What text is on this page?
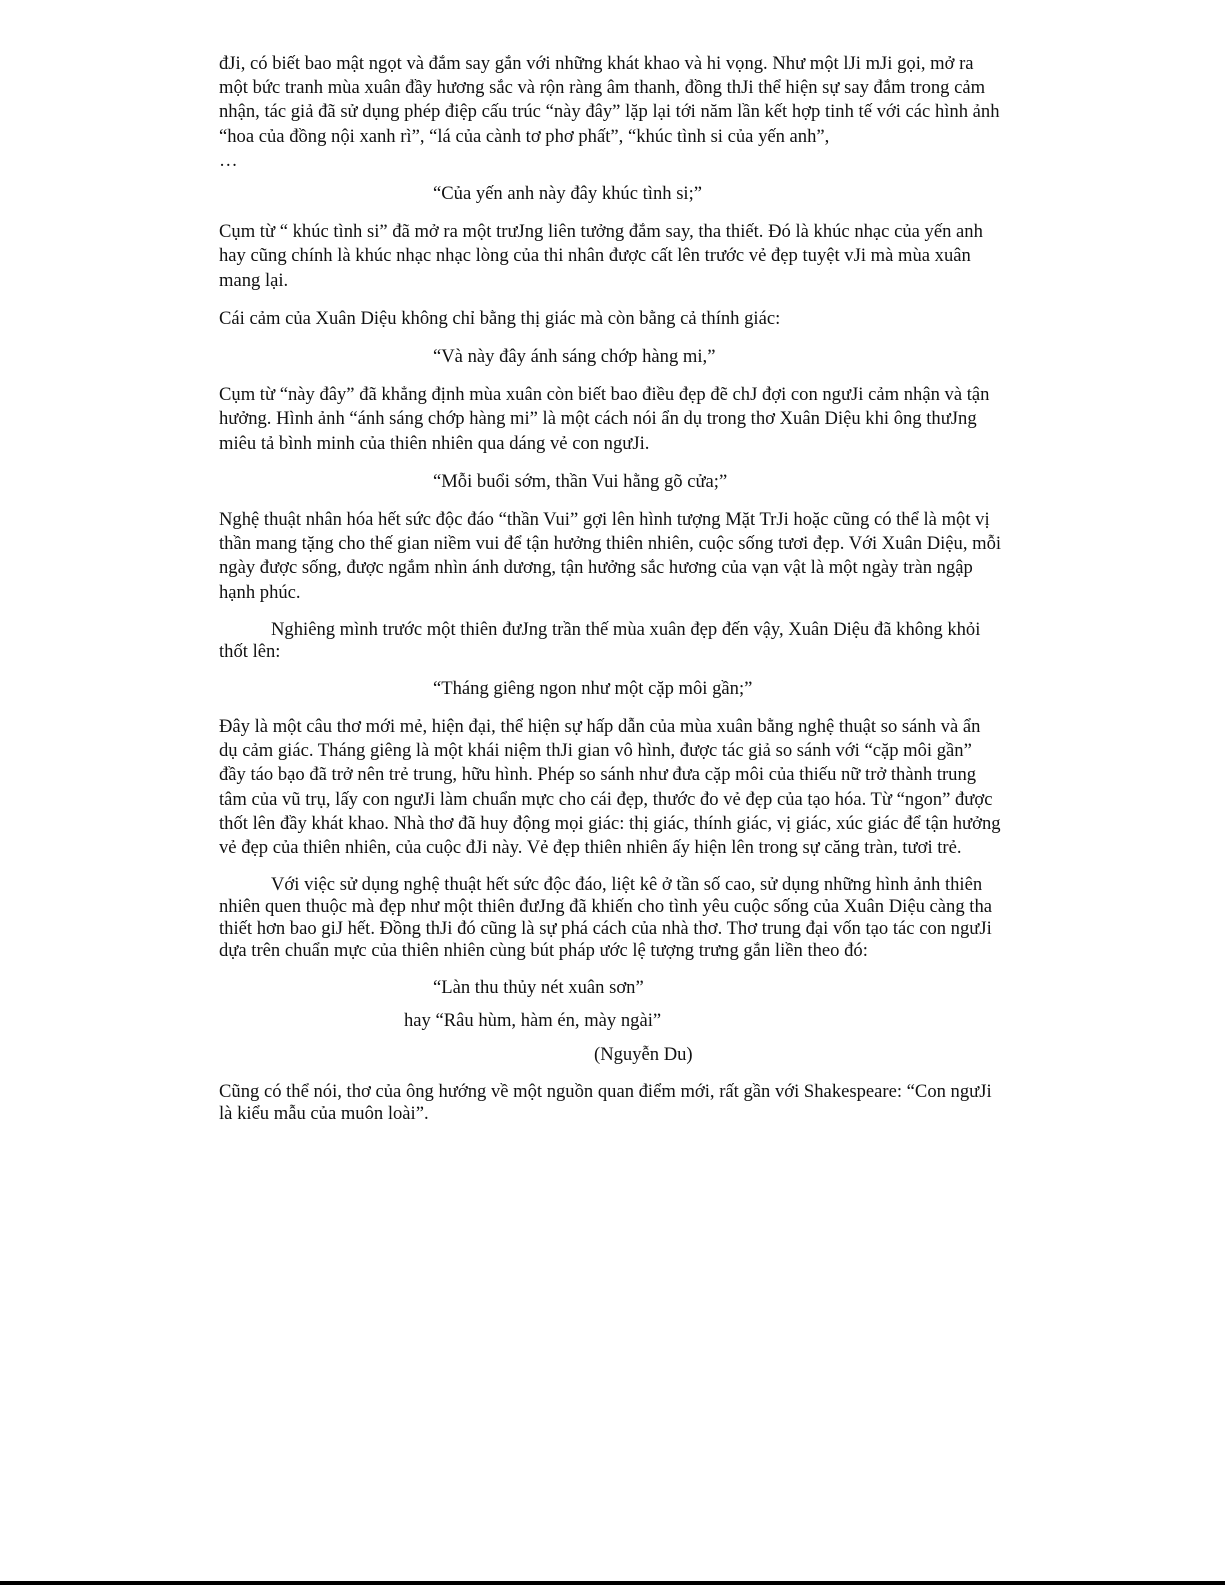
đJi, có biết bao mật ngọt và đắm say gắn với những khát khao và hi vọng. Như một lJi mJi gọi, mở ra một bức tranh mùa xuân đầy hương sắc và rộn ràng âm thanh, đồng thJi thể hiện sự say đắm trong cảm nhận, tác giả đã sử dụng phép điệp cấu trúc “này đây” lặp lại tới năm lần kết hợp tinh tế với các hình ảnh “hoa của đồng nội xanh rì”, “lá của cành tơ phơ phất”, “khúc tình si của yến anh”,

…

“Của yến anh này đây khúc tình si;”

Cụm từ “ khúc tình si” đã mở ra một trưJng liên tưởng đắm say, tha thiết. Đó là khúc nhạc của yến anh hay cũng chính là khúc nhạc nhạc lòng của thi nhân được cất lên trước vẻ đẹp tuyệt vJi mà mùa xuân mang lại.

Cái cảm của Xuân Diệu không chỉ bằng thị giác mà còn bằng cả thính giác:

“Và này đây ánh sáng chớp hàng mi,”

Cụm từ “này đây” đã khẳng định mùa xuân còn biết bao điều đẹp đẽ chJ đợi con ngưJi cảm nhận và tận hưởng. Hình ảnh “ánh sáng chớp hàng mi” là một cách nói ẩn dụ trong thơ Xuân Diệu khi ông thưJng miêu tả bình minh của thiên nhiên qua dáng vẻ con ngưJi.

“Mỗi buổi sớm, thần Vui hằng gõ cửa;”

Nghệ thuật nhân hóa hết sức độc đáo “thần Vui” gợi lên hình tượng Mặt TrJi hoặc cũng có thể là một vị thần mang tặng cho thế gian niềm vui để tận hưởng thiên nhiên, cuộc sống tươi đẹp. Với Xuân Diệu, mỗi ngày được sống, được ngắm nhìn ánh dương, tận hưởng sắc hương của vạn vật là một ngày tràn ngập hạnh phúc.

Nghiêng mình trước một thiên đưJng trần thế mùa xuân đẹp đến vậy, Xuân Diệu đã không khỏi thốt lên:

“Tháng giêng ngon như một cặp môi gần;”

Đây là một câu thơ mới mẻ, hiện đại, thể hiện sự hấp dẫn của mùa xuân bằng nghệ thuật so sánh và ẩn dụ cảm giác. Tháng giêng là một khái niệm thJi gian vô hình, được tác giả so sánh với “cặp môi gần” đầy táo bạo đã trở nên trẻ trung, hữu hình. Phép so sánh như đưa cặp môi của thiếu nữ trở thành trung tâm của vũ trụ, lấy con ngưJi làm chuẩn mực cho cái đẹp, thước đo vẻ đẹp của tạo hóa. Từ “ngon” được thốt lên đầy khát khao. Nhà thơ đã huy động mọi giác: thị giác, thính giác, vị giác, xúc giác để tận hưởng vẻ đẹp của thiên nhiên, của cuộc đJi này. Vẻ đẹp thiên nhiên ấy hiện lên trong sự căng tràn, tươi trẻ.

Với việc sử dụng nghệ thuật hết sức độc đáo, liệt kê ở tần số cao, sử dụng những hình ảnh thiên nhiên quen thuộc mà đẹp như một thiên đưJng đã khiến cho tình yêu cuộc sống của Xuân Diệu càng tha thiết hơn bao giJ hết. Đồng thJi đó cũng là sự phá cách của nhà thơ. Thơ trung đại vốn tạo tác con ngưJi dựa trên chuẩn mực của thiên nhiên cùng bút pháp ước lệ tượng trưng gắn liền theo đó:

“Làn thu thủy nét xuân sơn”

hay “Râu hùm, hàm én, mày ngài”

(Nguyễn Du)

Cũng có thể nói, thơ của ông hướng về một nguồn quan điểm mới, rất gần với Shakespeare: “Con ngưJi là kiểu mẫu của muôn loài”.
